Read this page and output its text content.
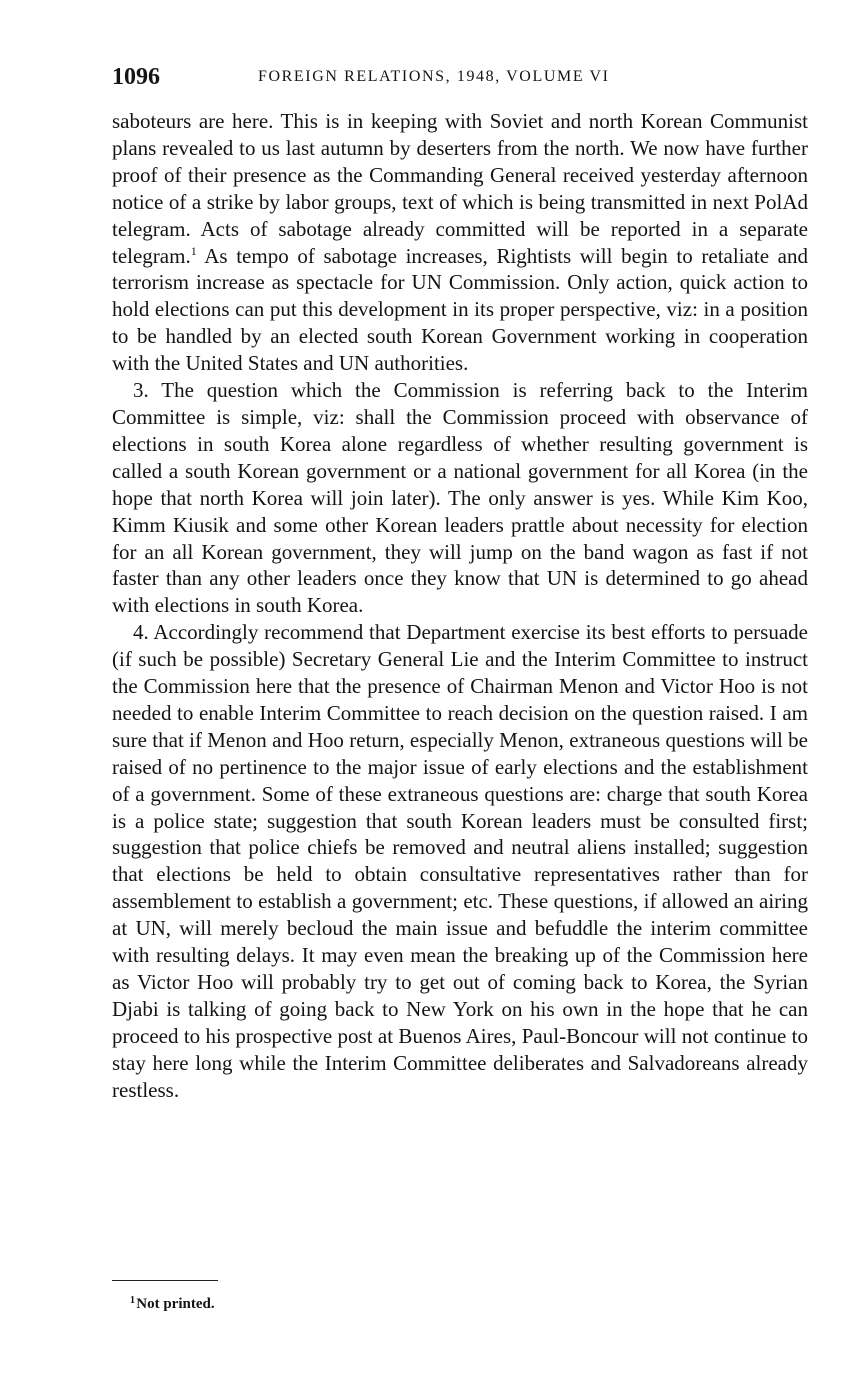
1096	FOREIGN RELATIONS, 1948, VOLUME VI

saboteurs are here. This is in keeping with Soviet and north Korean Communist plans revealed to us last autumn by deserters from the north. We now have further proof of their presence as the Commanding General received yesterday afternoon notice of a strike by labor groups, text of which is being transmitted in next PolAd telegram. Acts of sabotage already committed will be reported in a separate telegram.$^1$ As tempo of sabotage increases, Rightists will begin to retaliate and terrorism increase as spectacle for UN Commission. Only action, quick action to hold elections can put this development in its proper perspective, viz: in a position to be handled by an elected south Korean Government working in cooperation with the United States and UN authorities.

3. The question which the Commission is referring back to the Interim Committee is simple, viz: shall the Commission proceed with observance of elections in south Korea alone regardless of whether resulting government is called a south Korean government or a national government for all Korea (in the hope that north Korea will join later). The only answer is yes. While Kim Koo, Kimm Kiusik and some other Korean leaders prattle about necessity for election for an all Korean government, they will jump on the band wagon as fast if not faster than any other leaders once they know that UN is determined to go ahead with elections in south Korea.

4. Accordingly recommend that Department exercise its best efforts to persuade (if such be possible) Secretary General Lie and the Interim Committee to instruct the Commission here that the presence of Chairman Menon and Victor Hoo is not needed to enable Interim Committee to reach decision on the question raised. I am sure that if Menon and Hoo return, especially Menon, extraneous questions will be raised of no pertinence to the major issue of early elections and the establishment of a government. Some of these extraneous questions are: charge that south Korea is a police state; suggestion that south Korean leaders must be consulted first; suggestion that police chiefs be removed and neutral aliens installed; suggestion that elections be held to obtain consultative representatives rather than for assemblement to establish a government; etc. These questions, if allowed an airing at UN, will merely becloud the main issue and befuddle the interim committee with resulting delays. It may even mean the breaking up of the Commission here as Victor Hoo will probably try to get out of coming back to Korea, the Syrian Djabi is talking of going back to New York on his own in the hope that he can proceed to his prospective post at Buenos Aires, Paul-Boncour will not continue to stay here long while the Interim Committee deliberates and Salvadoreans already restless.

$^1$ Not printed.
